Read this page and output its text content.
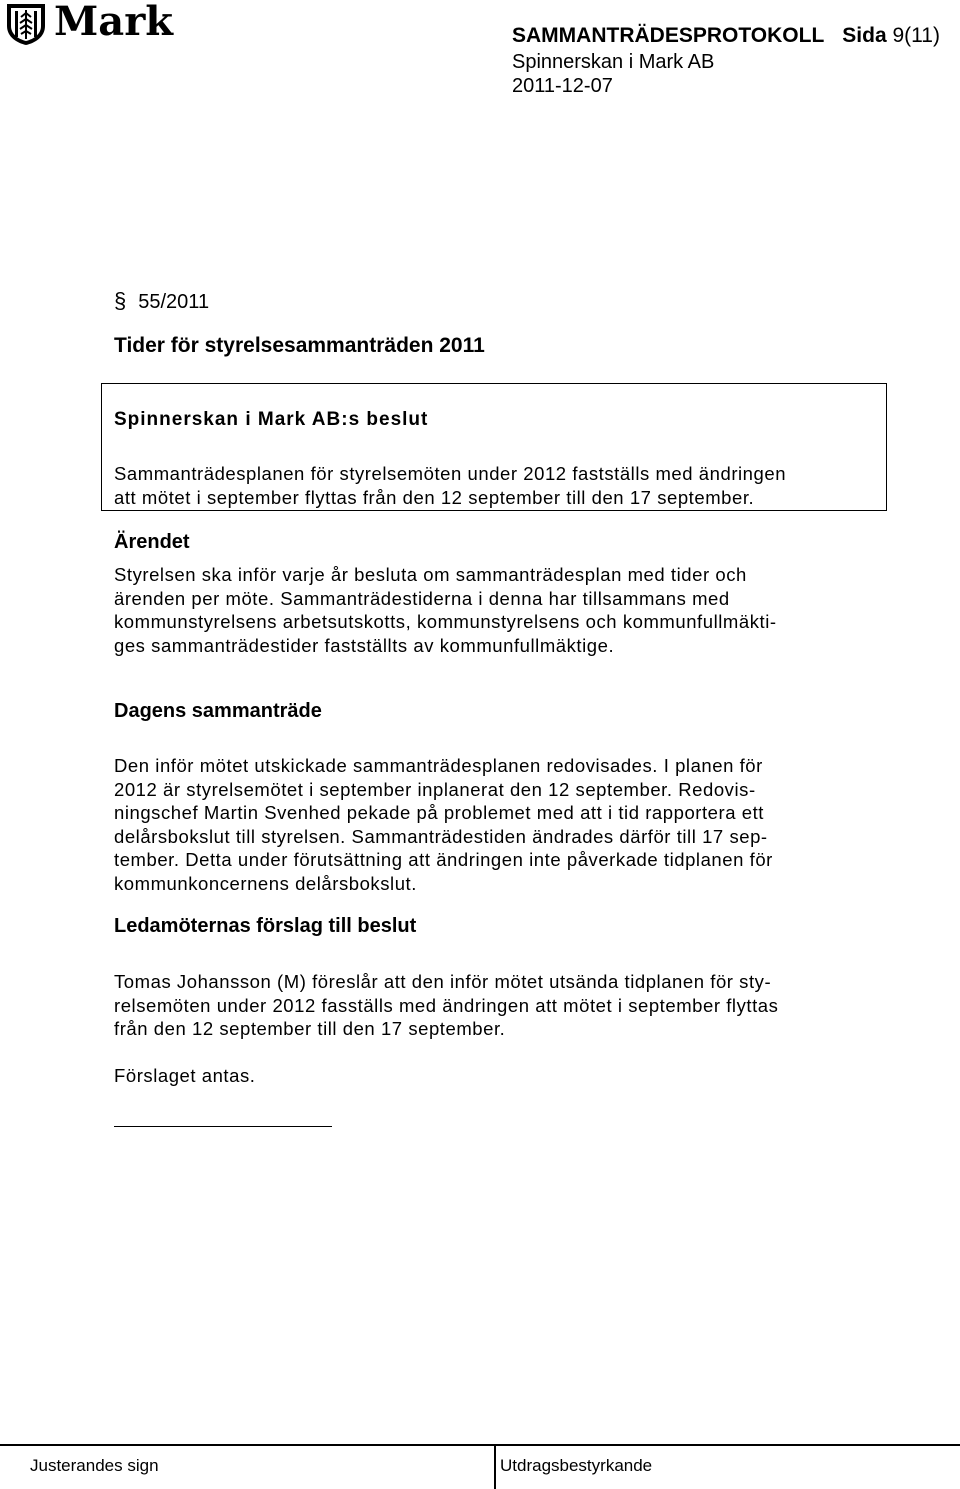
Mark	SAMMANTRÄDESPROTOKOLL Sida 9(11)
Spinnerskan i Mark AB
2011-12-07
§ 55/2011
Tider för styrelsesammanträden 2011
Spinnerskan i Mark AB:s beslut
Sammanträdesplanen för styrelsemöten under 2012 fastställs med ändringen
att mötet i september flyttas från den 12 september till den 17 september.
Ärendet
Styrelsen ska inför varje år besluta om sammanträdesplan med tider och
ärenden per möte. Sammanträdestiderna i denna har tillsammans med
kommunstyrelsens arbetsutskotts, kommunstyrelsens och kommunfullmäkti-
ges sammanträdestider fastställts av kommunfullmäktige.
Dagens sammanträde
Den inför mötet utskickade sammanträdesplanen redovisades. I planen för
2012 är styrelsemötet i september inplanerat den 12 september. Redovis-
ningschef Martin Svenhed pekade på problemet med att i tid rapportera ett
delårsbokslut till styrelsen. Sammanträdestiden ändrades därför till 17 sep-
tember. Detta under förutsättning att ändringen inte påverkade tidplanen för
kommunkoncernens delårsbokslut.
Ledamöternas förslag till beslut
Tomas Johansson (M) föreslår att den inför mötet utsända tidplanen för sty-
relsemöten under 2012 fasställs med ändringen att mötet i september flyttas
från den 12 september till den 17 september.
Förslaget antas.
Justerandes sign	Utdragsbestyrkande
